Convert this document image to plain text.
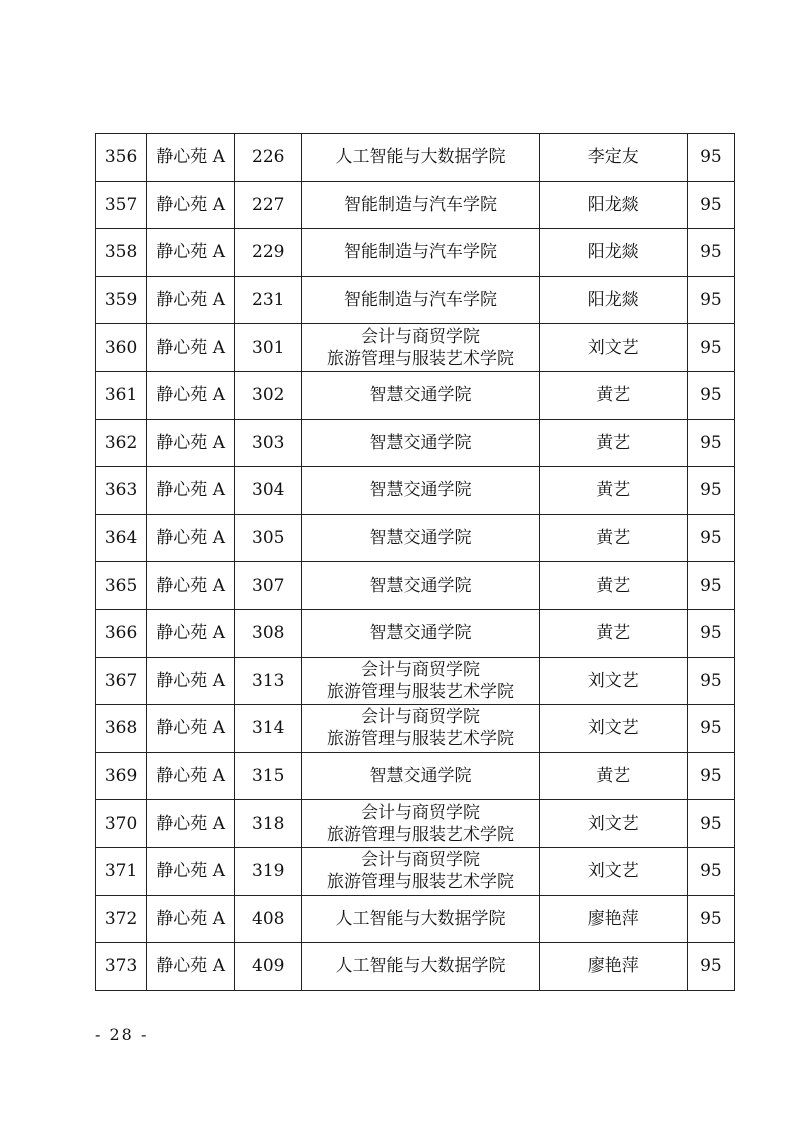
356	静心苑 A	226	人工智能与大数据学院	李定友	95
357	静心苑 A	227	智能制造与汽车学院	阳龙燚	95
358	静心苑 A	229	智能制造与汽车学院	阳龙燚	95
359	静心苑 A	231	智能制造与汽车学院	阳龙燚	95
360	静心苑 A	301	会计与商贸学院
旅游管理与服装艺术学院	刘文艺	95
361	静心苑 A	302	智慧交通学院	黄艺	95
362	静心苑 A	303	智慧交通学院	黄艺	95
363	静心苑 A	304	智慧交通学院	黄艺	95
364	静心苑 A	305	智慧交通学院	黄艺	95
365	静心苑 A	307	智慧交通学院	黄艺	95
366	静心苑 A	308	智慧交通学院	黄艺	95
367	静心苑 A	313	会计与商贸学院
旅游管理与服装艺术学院	刘文艺	95
368	静心苑 A	314	会计与商贸学院
旅游管理与服装艺术学院	刘文艺	95
369	静心苑 A	315	智慧交通学院	黄艺	95
370	静心苑 A	318	会计与商贸学院
旅游管理与服装艺术学院	刘文艺	95
371	静心苑 A	319	会计与商贸学院
旅游管理与服装艺术学院	刘文艺	95
372	静心苑 A	408	人工智能与大数据学院	廖艳萍	95
373	静心苑 A	409	人工智能与大数据学院	廖艳萍	95
- 28 -
